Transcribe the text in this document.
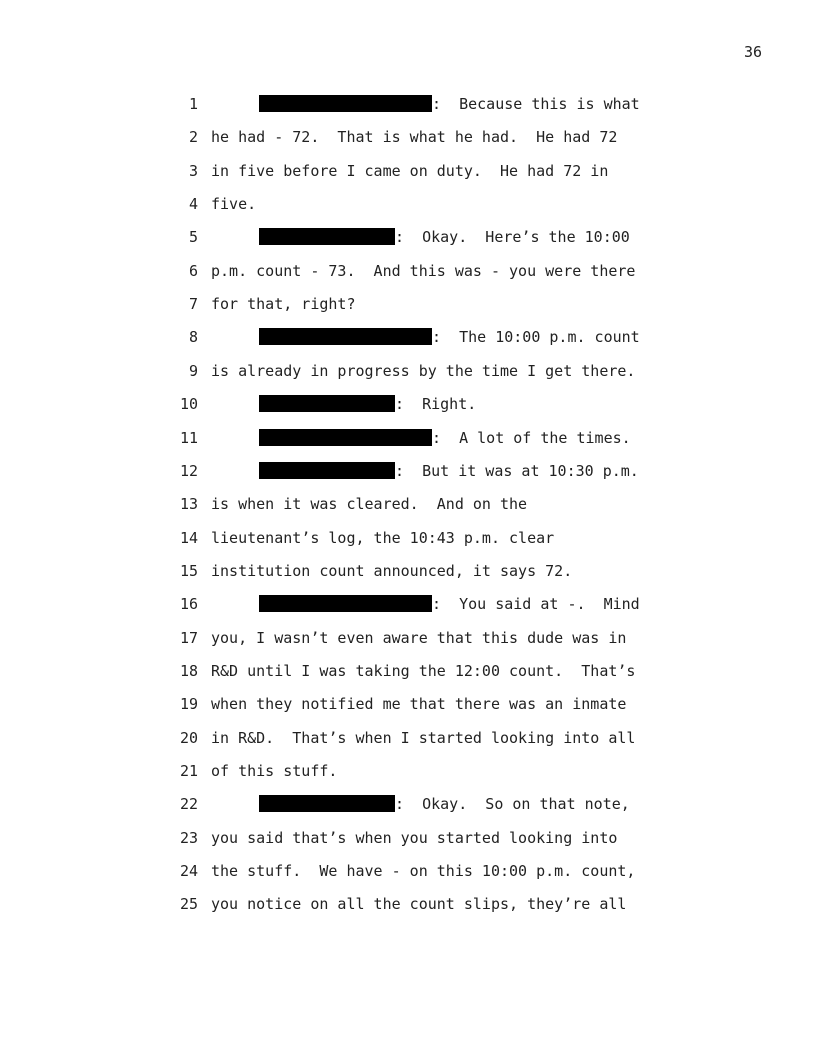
36
1	:  Because this is what
2 he had - 72.  That is what he had.  He had 72
3 in five before I came on duty.  He had 72 in
4 five.
5	:  Okay.  Here’s the 10:00
6 p.m. count - 73.  And this was - you were there
7 for that, right?
8	:  The 10:00 p.m. count
9 is already in progress by the time I get there.
10	:  Right.
11	:  A lot of the times.
12	:  But it was at 10:30 p.m.
13 is when it was cleared.  And on the
14 lieutenant’s log, the 10:43 p.m. clear
15 institution count announced, it says 72.
16	:  You said at -.  Mind
17 you, I wasn’t even aware that this dude was in
18 R&D until I was taking the 12:00 count.  That’s
19 when they notified me that there was an inmate
20 in R&D.  That’s when I started looking into all
21 of this stuff.
22	:  Okay.  So on that note,
23 you said that’s when you started looking into
24 the stuff.  We have - on this 10:00 p.m. count,
25 you notice on all the count slips, they’re all
